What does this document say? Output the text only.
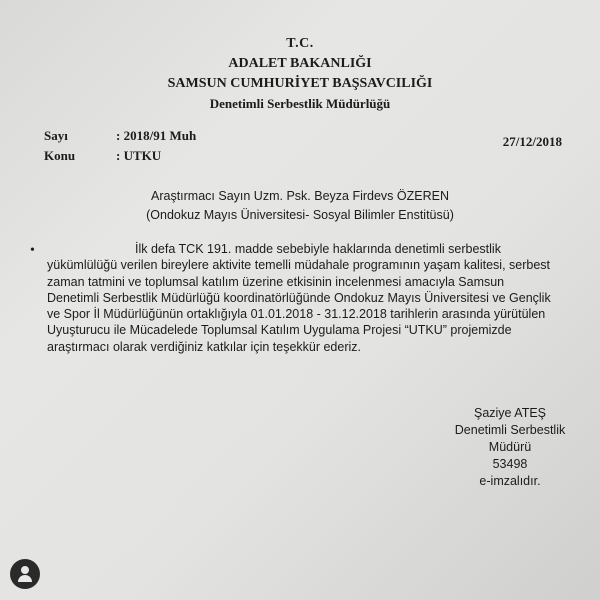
T.C.
ADALET BAKANLIĞI
SAMSUN CUMHURİYET BAŞSAVCILIĞI
Denetimli Serbestlik Müdürlüğü
Sayı	: 2018/91 Muh
Konu	: UTKU
27/12/2018
Araştırmacı Sayın Uzm. Psk. Beyza Firdevs ÖZEREN
(Ondokuz Mayıs Üniversitesi- Sosyal Bilimler Enstitüsü)
•	İlk defa TCK 191. madde sebebiyle haklarında denetimli serbestlik
yükümlülüğü verilen bireylere aktivite temelli müdahale programının yaşam kalitesi, serbest
zaman tatmini ve toplumsal katılım üzerine etkisinin incelenmesi amacıyla Samsun
Denetimli Serbestlik Müdürlüğü koordinatörlüğünde Ondokuz Mayıs Üniversitesi ve Gençlik
ve Spor İl Müdürlüğünün ortaklığıyla 01.01.2018 - 31.12.2018 tarihlerin arasında yürütülen
Uyuşturucu ile Mücadelede Toplumsal Katılım Uygulama Projesi “UTKU” projemizde
araştırmacı olarak verdiğiniz katkılar için teşekkür ederiz.
Şaziye ATEŞ
Denetimli Serbestlik
Müdürü
53498
e-imzalıdır.
